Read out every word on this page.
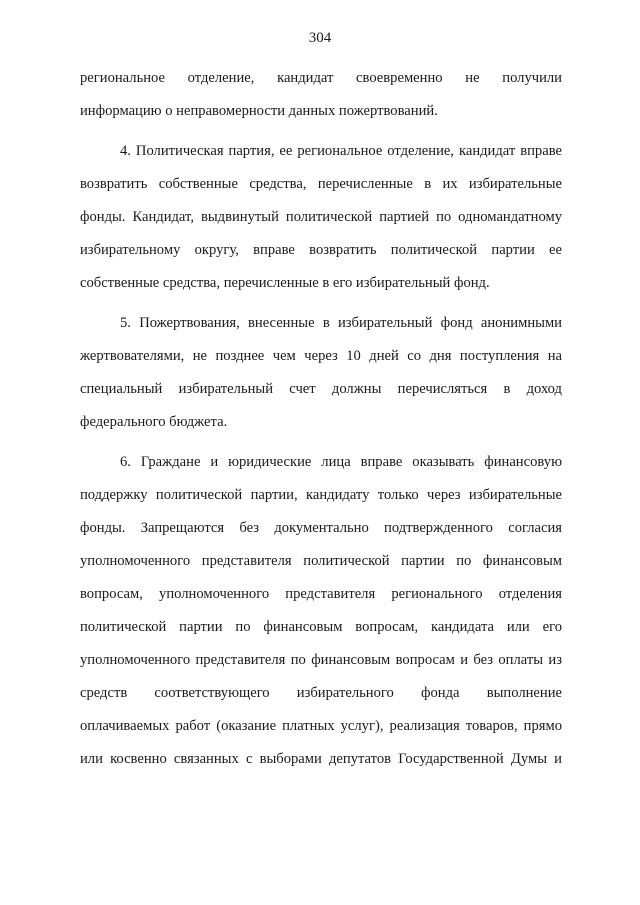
304

региональное отделение, кандидат своевременно не получили
информацию о неправомерности данных пожертвований.

4. Политическая партия, ее региональное отделение, кандидат вправе
возвратить собственные средства, перечисленные в их избирательные
фонды. Кандидат, выдвинутый политической партией по одномандатному
избирательному округу, вправе возвратить политической партии ее
собственные средства, перечисленные в его избирательный фонд.

5. Пожертвования, внесенные в избирательный фонд анонимными
жертвователями, не позднее чем через 10 дней со дня поступления на
специальный избирательный счет должны перечисляться в доход
федерального бюджета.

6. Граждане и юридические лица вправе оказывать финансовую
поддержку политической партии, кандидату только через избирательные
фонды. Запрещаются без документально подтвержденного согласия
уполномоченного представителя политической партии по финансовым
вопросам, уполномоченного представителя регионального отделения
политической партии по финансовым вопросам, кандидата или его
уполномоченного представителя по финансовым вопросам и без оплаты из
средств соответствующего избирательного фонда выполнение
оплачиваемых работ (оказание платных услуг), реализация товаров, прямо
или косвенно связанных с выборами депутатов Государственной Думы и
